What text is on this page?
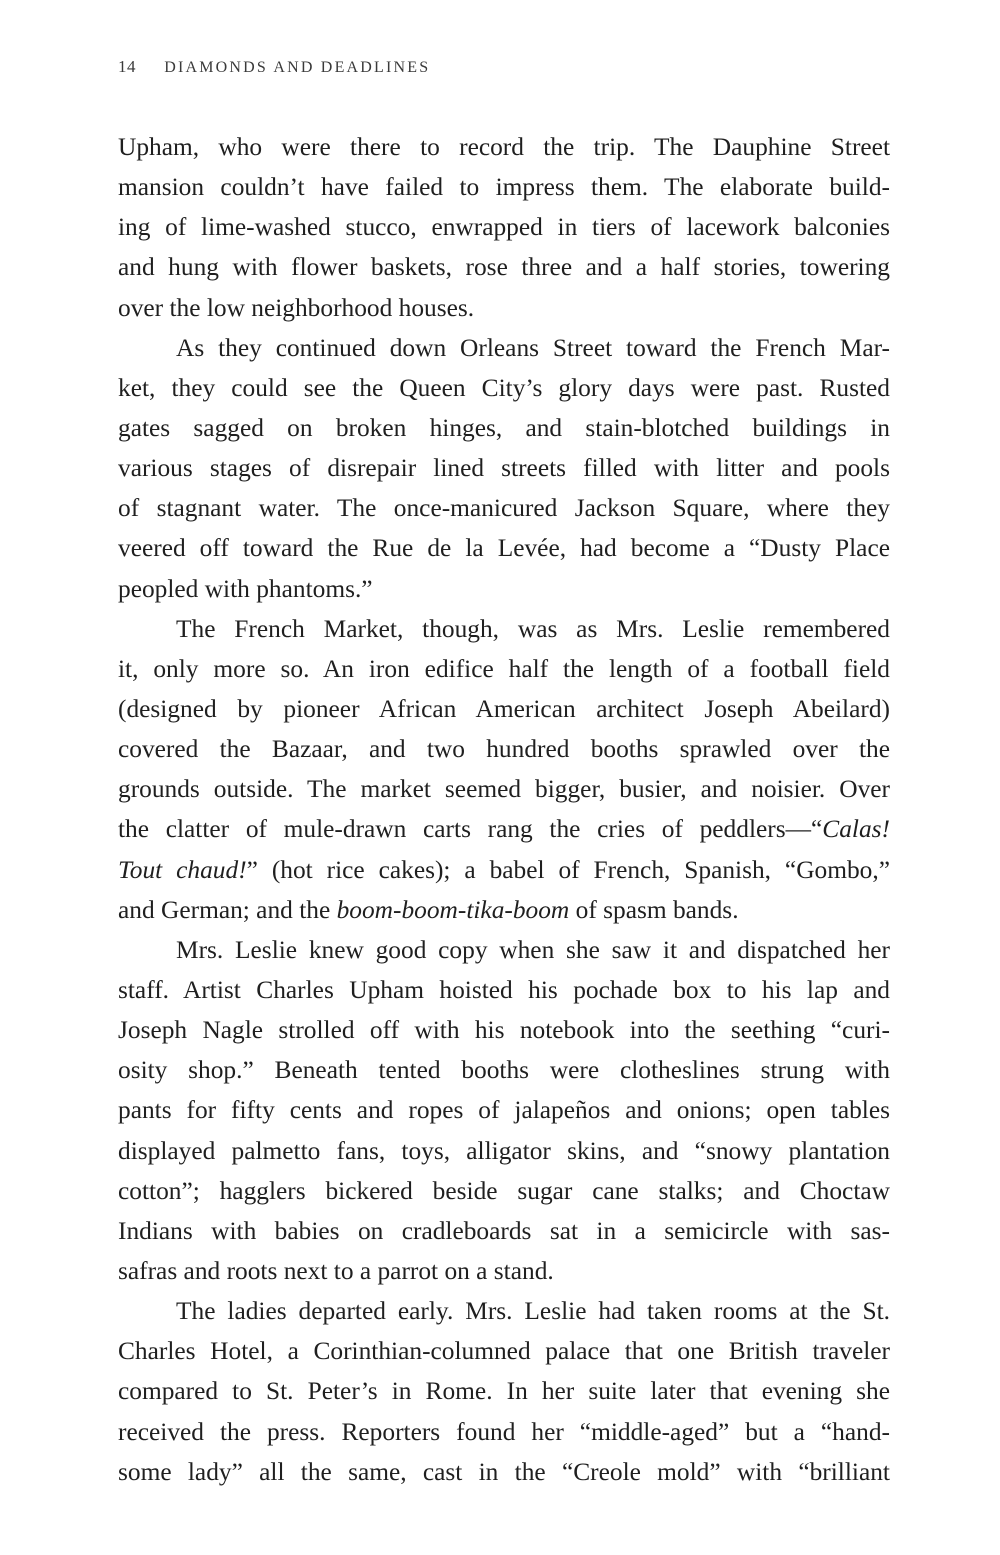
14 DIAMONDS AND DEADLINES
Upham, who were there to record the trip. The Dauphine Street
mansion couldn’t have failed to impress them. The elaborate build-
ing of lime-washed stucco, enwrapped in tiers of lacework balconies
and hung with flower baskets, rose three and a half stories, towering
over the low neighborhood houses.
As they continued down Orleans Street toward the French Mar-
ket, they could see the Queen City’s glory days were past. Rusted
gates sagged on broken hinges, and stain-blotched buildings in
various stages of disrepair lined streets filled with litter and pools
of stagnant water. The once-manicured Jackson Square, where they
veered off toward the Rue de la Levée, had become a “Dusty Place
peopled with phantoms.”
The French Market, though, was as Mrs. Leslie remembered
it, only more so. An iron edifice half the length of a football field
(designed by pioneer African American architect Joseph Abeilard)
covered the Bazaar, and two hundred booths sprawled over the
grounds outside. The market seemed bigger, busier, and noisier. Over
the clatter of mule-drawn carts rang the cries of peddlers—“Calas!
Tout chaud!” (hot rice cakes); a babel of French, Spanish, “Gombo,”
and German; and the boom-boom-tika-boom of spasm bands.
Mrs. Leslie knew good copy when she saw it and dispatched her
staff. Artist Charles Upham hoisted his pochade box to his lap and
Joseph Nagle strolled off with his notebook into the seething “curi-
osity shop.” Beneath tented booths were clotheslines strung with
pants for fifty cents and ropes of jalapeños and onions; open tables
displayed palmetto fans, toys, alligator skins, and “snowy plantation
cotton”; hagglers bickered beside sugar cane stalks; and Choctaw
Indians with babies on cradleboards sat in a semicircle with sas-
safras and roots next to a parrot on a stand.
The ladies departed early. Mrs. Leslie had taken rooms at the St.
Charles Hotel, a Corinthian-columned palace that one British traveler
compared to St. Peter’s in Rome. In her suite later that evening she
received the press. Reporters found her “middle-aged” but a “hand-
some lady” all the same, cast in the “Creole mold” with “brilliant
